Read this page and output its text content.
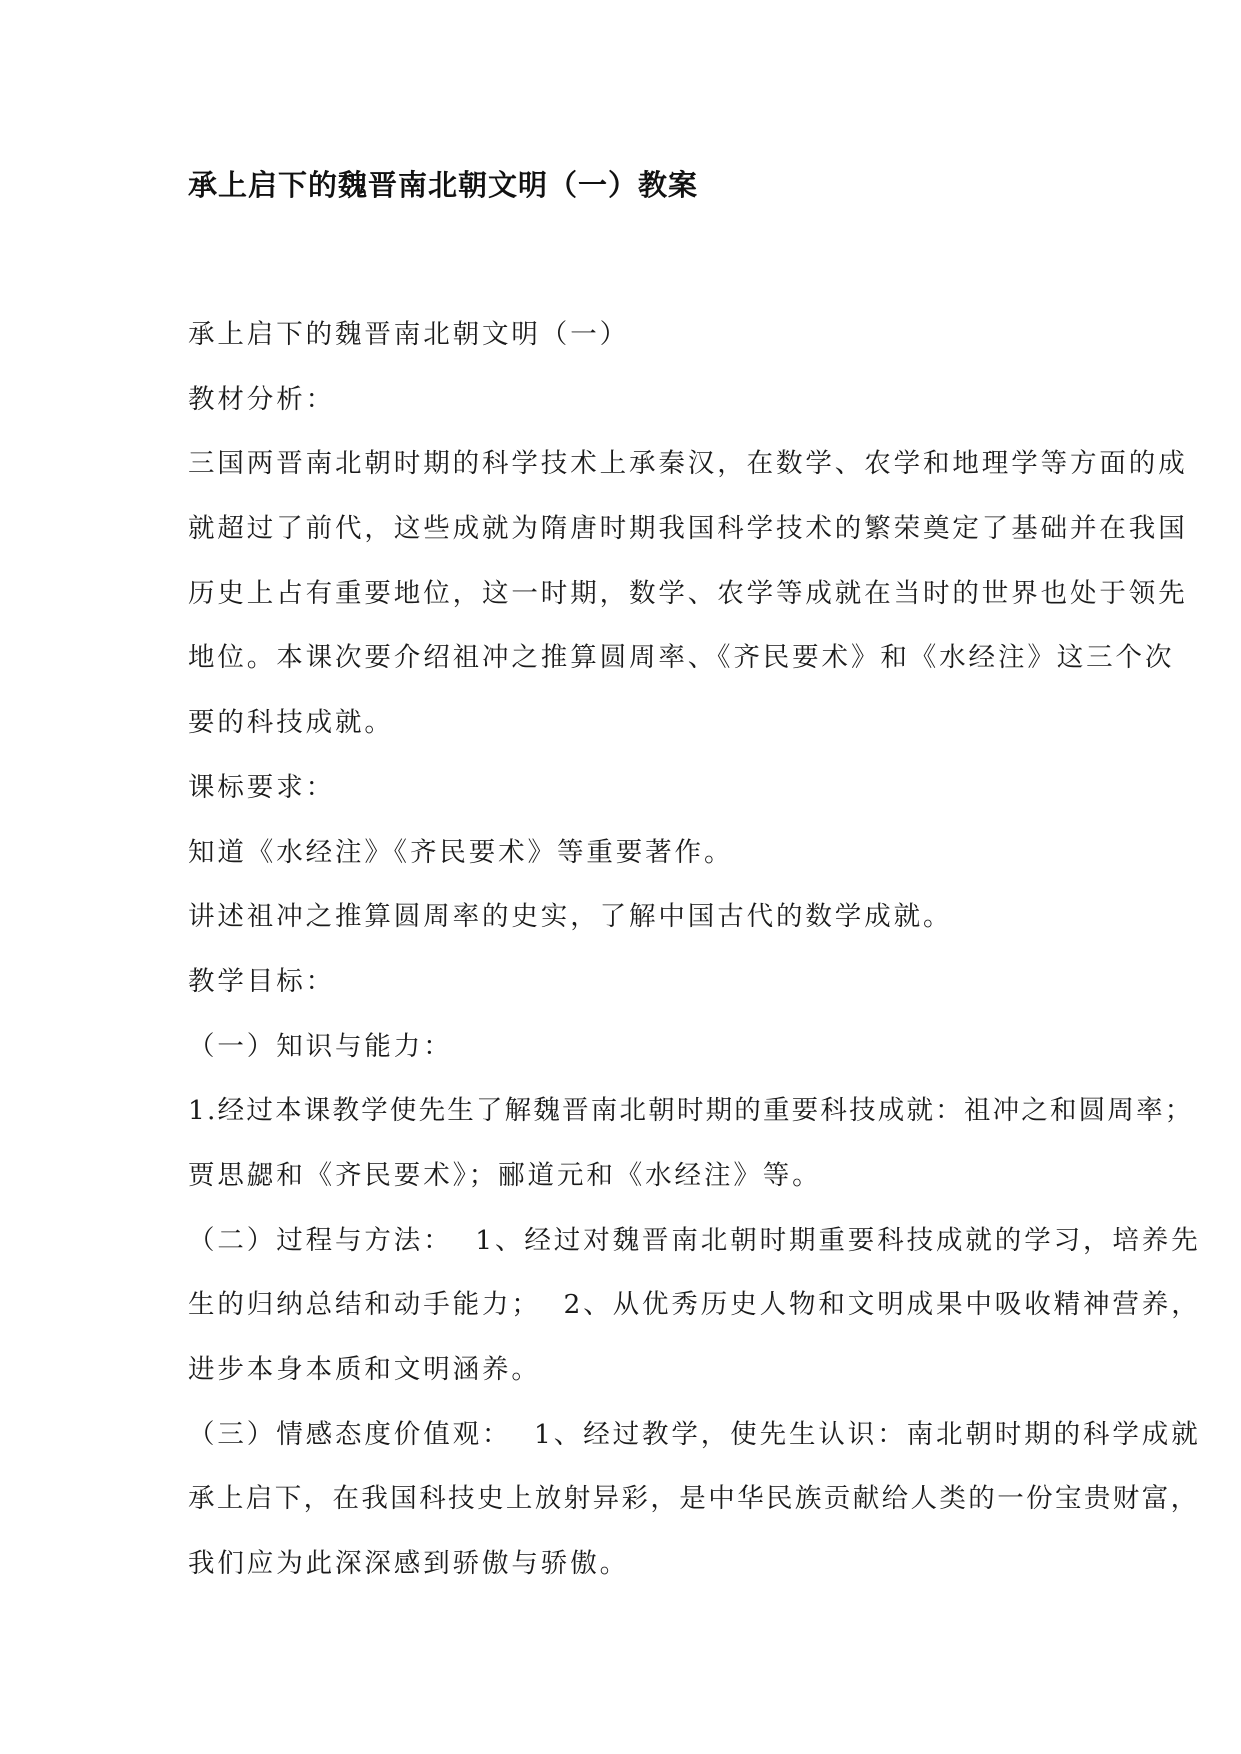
承上启下的魏晋南北朝文明（一）教案

承上启下的魏晋南北朝文明（一）

教材分析：

三国两晋南北朝时期的科学技术上承秦汉，在数学、农学和地理学等方面的成

就超过了前代，这些成就为隋唐时期我国科学技术的繁荣奠定了基础并在我国

历史上占有重要地位，这一时期，数学、农学等成就在当时的世界也处于领先

地位。本课次要介绍祖冲之推算圆周率、《齐民要术》和《水经注》这三个次

要的科技成就。

课标要求：

知道《水经注》《齐民要术》等重要著作。

讲述祖冲之推算圆周率的史实，了解中国古代的数学成就。

教学目标：

（一）知识与能力：

1.经过本课教学使先生了解魏晋南北朝时期的重要科技成就：祖冲之和圆周率；

贾思勰和《齐民要术》；郦道元和《水经注》等。

（二）过程与方法：  1、经过对魏晋南北朝时期重要科技成就的学习，培养先

生的归纳总结和动手能力；  2、从优秀历史人物和文明成果中吸收精神营养，

进步本身本质和文明涵养。

（三）情感态度价值观：  1、经过教学，使先生认识：南北朝时期的科学成就

承上启下，在我国科技史上放射异彩，是中华民族贡献给人类的一份宝贵财富，

我们应为此深深感到骄傲与骄傲。
